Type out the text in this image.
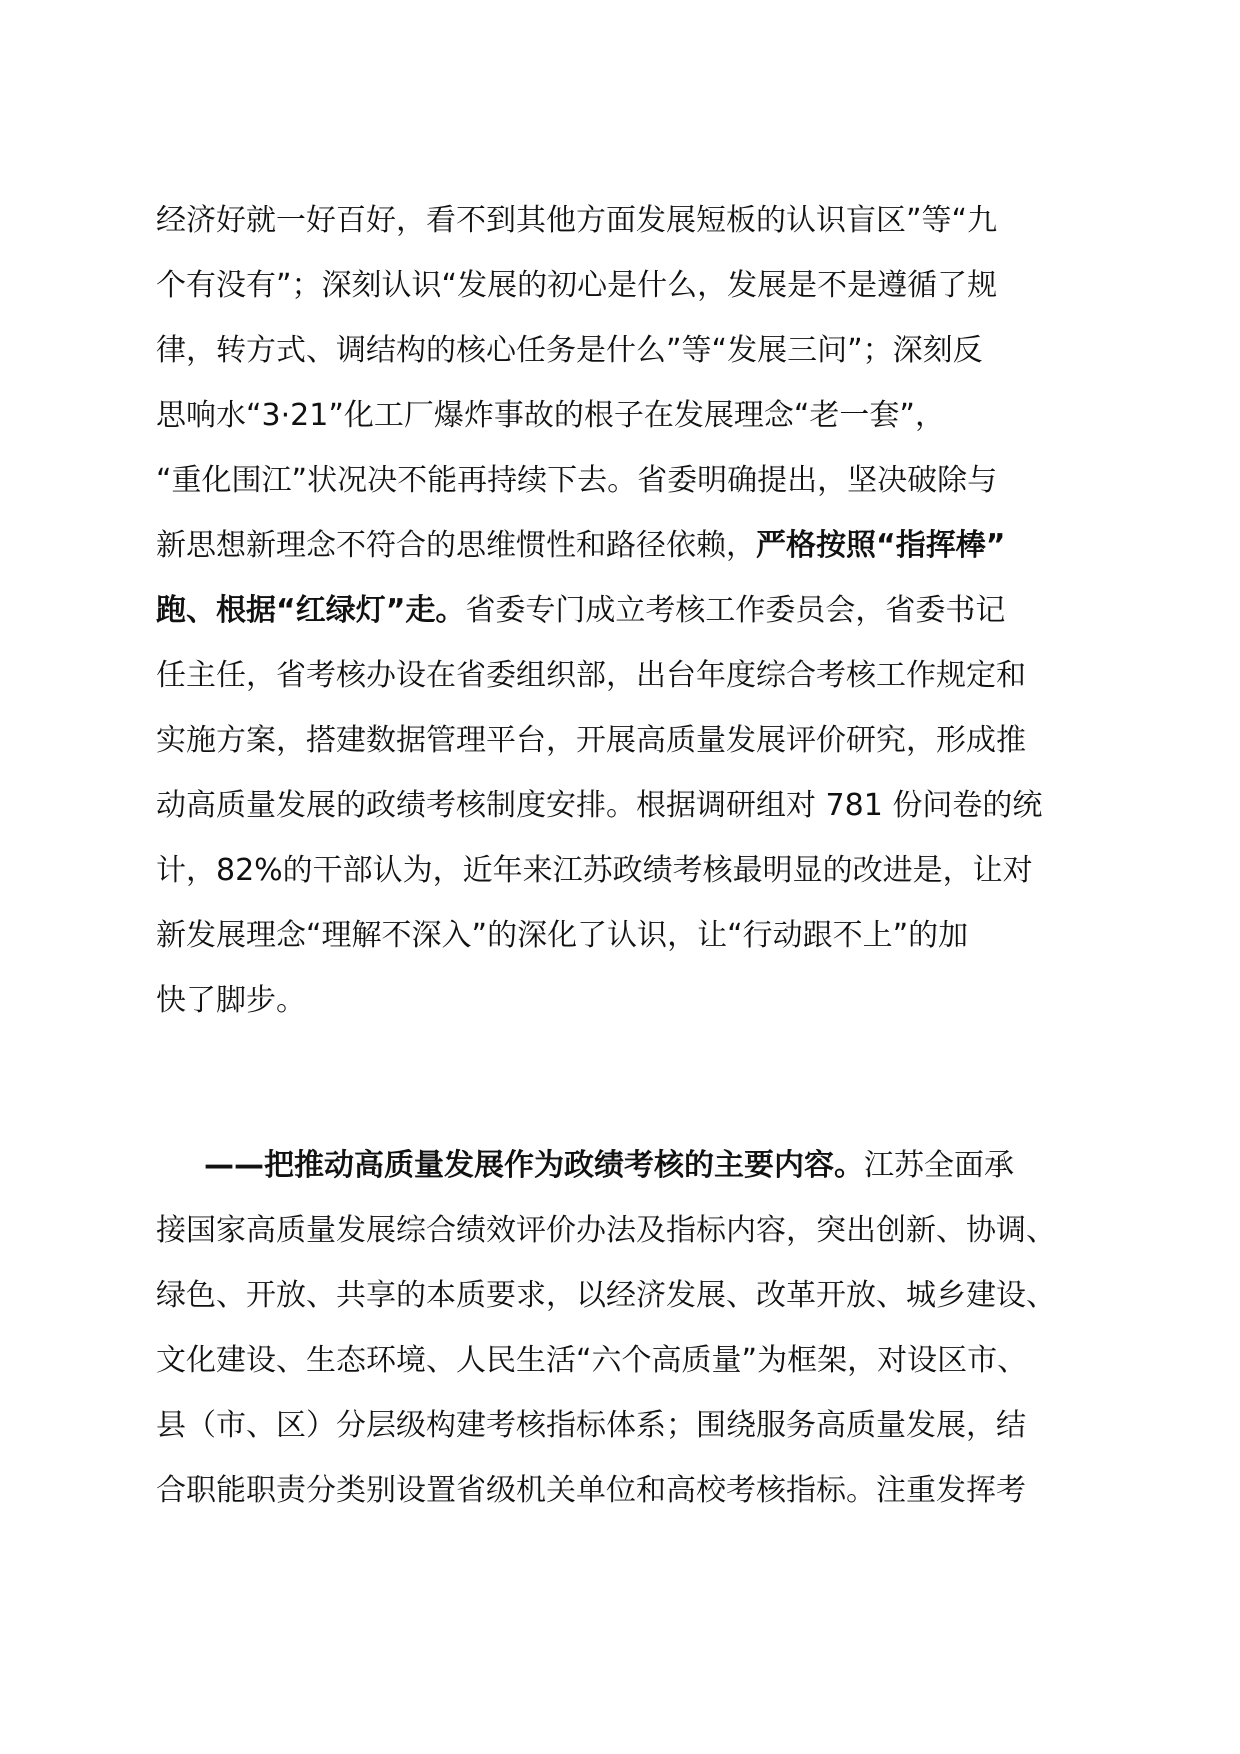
经济好就一好百好，看不到其他方面发展短板的认识盲区”等“九
个有没有”；深刻认识“发展的初心是什么，发展是不是遵循了规
律，转方式、调结构的核心任务是什么”等“发展三问”；深刻反
思响水“3·21”化工厂爆炸事故的根子在发展理念“老一套”，
“重化围江”状况决不能再持续下去。省委明确提出，坚决破除与
新思想新理念不符合的思维惯性和路径依赖，严格按照“指挥棒”
跑、根据“红绿灯”走。省委专门成立考核工作委员会，省委书记
任主任，省考核办设在省委组织部，出台年度综合考核工作规定和
实施方案，搭建数据管理平台，开展高质量发展评价研究，形成推
动高质量发展的政绩考核制度安排。根据调研组对 781 份问卷的统
计，82%的干部认为，近年来江苏政绩考核最明显的改进是，让对
新发展理念“理解不深入”的深化了认识，让“行动跟不上”的加
快了脚步。
——把推动高质量发展作为政绩考核的主要内容。江苏全面承
接国家高质量发展综合绩效评价办法及指标内容，突出创新、协调、
绿色、开放、共享的本质要求，以经济发展、改革开放、城乡建设、
文化建设、生态环境、人民生活“六个高质量”为框架，对设区市、
县（市、区）分层级构建考核指标体系；围绕服务高质量发展，结
合职能职责分类别设置省级机关单位和高校考核指标。注重发挥考
